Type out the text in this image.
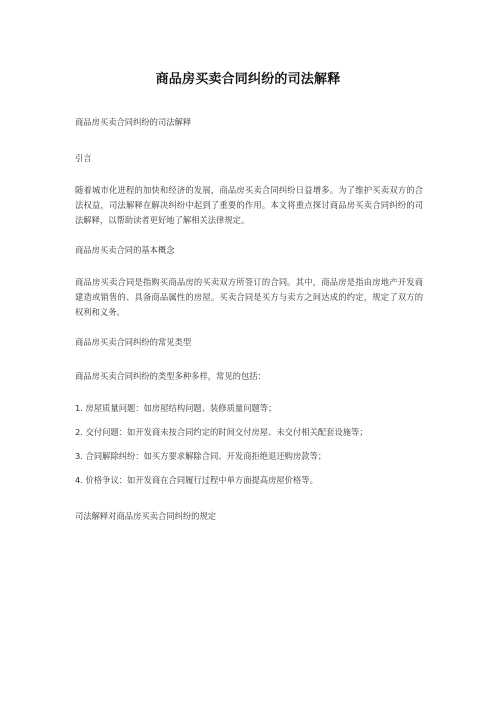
商品房买卖合同纠纷的司法解释
商品房买卖合同纠纷的司法解释
引言
随着城市化进程的加快和经济的发展，商品房买卖合同纠纷日益增多。为了维护买卖双方的合法权益，司法解释在解决纠纷中起到了重要的作用。本文将重点探讨商品房买卖合同纠纷的司法解释，以帮助读者更好地了解相关法律规定。
商品房买卖合同的基本概念
商品房买卖合同是指购买商品房的买卖双方所签订的合同。其中，商品房是指由房地产开发商建造或销售的、具备商品属性的房屋。买卖合同是买方与卖方之间达成的约定，规定了双方的权利和义务。
商品房买卖合同纠纷的常见类型
商品房买卖合同纠纷的类型多种多样，常见的包括：
1. 房屋质量问题：如房屋结构问题、装修质量问题等；
2. 交付问题：如开发商未按合同约定的时间交付房屋、未交付相关配套设施等；
3. 合同解除纠纷：如买方要求解除合同、开发商拒绝退还购房款等；
4. 价格争议：如开发商在合同履行过程中单方面提高房屋价格等。
司法解释对商品房买卖合同纠纷的规定
